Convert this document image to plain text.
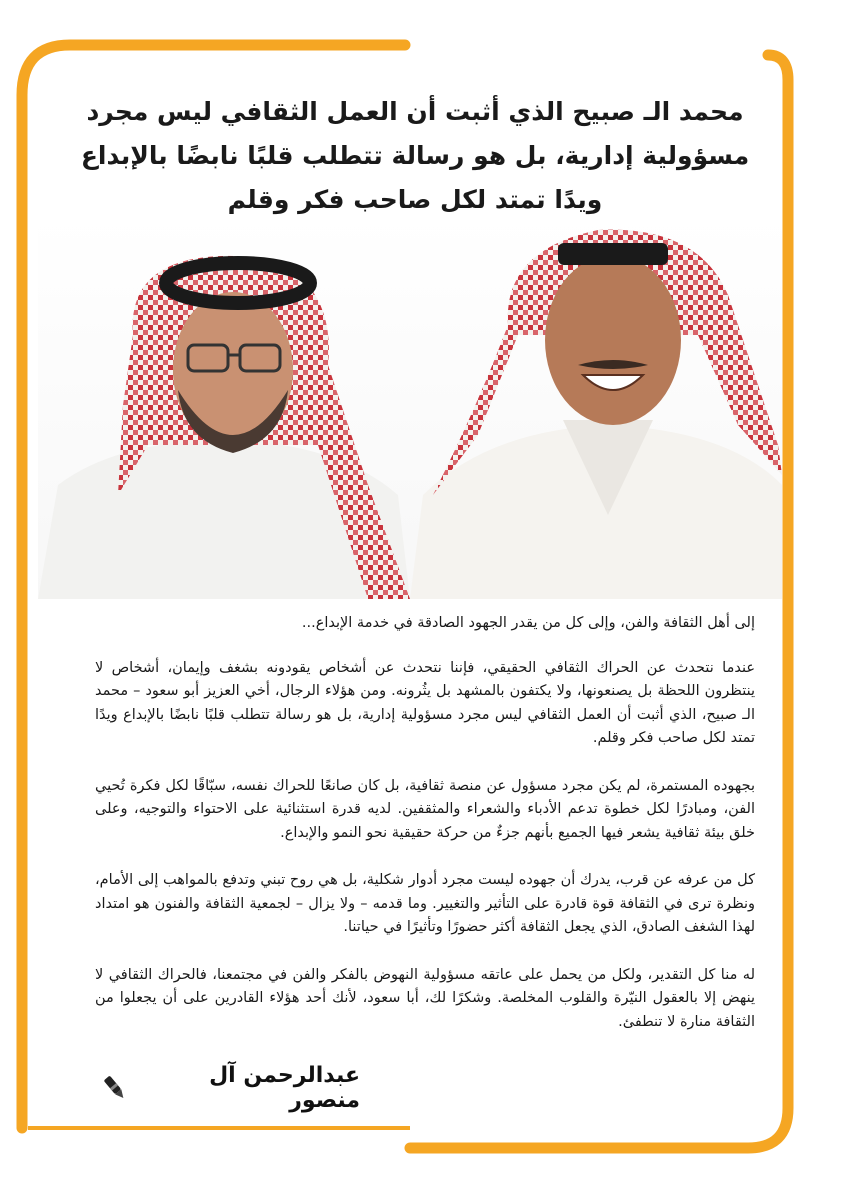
محمد الـ صبيح الذي أثبت أن العمل الثقافي ليس مجرد مسؤولية إدارية، بل هو رسالة تتطلب قلبًا نابضًا بالإبداع ويدًا تمتد لكل صاحب فكر وقلم

إلى أهل الثقافة والفن، وإلى كل من يقدر الجهود الصادقة في خدمة الإبداع...

عندما نتحدث عن الحراك الثقافي الحقيقي، فإننا نتحدث عن أشخاص يقودونه بشغف وإيمان، أشخاص لا ينتظرون اللحظة بل يصنعونها، ولا يكتفون بالمشهد بل يثُرونه. ومن هؤلاء الرجال، أخي العزيز أبو سعود – محمد الـ صبيح، الذي أثبت أن العمل الثقافي ليس مجرد مسؤولية إدارية، بل هو رسالة تتطلب قلبًا نابضًا بالإبداع ويدًا تمتد لكل صاحب فكر وقلم.

بجهوده المستمرة، لم يكن مجرد مسؤول عن منصة ثقافية، بل كان صانعًا للحراك نفسه، سبّاقًا لكل فكرة تُحيي الفن، ومبادرًا لكل خطوة تدعم الأدباء والشعراء والمثقفين. لديه قدرة استثنائية على الاحتواء والتوجيه، وعلى خلق بيئة ثقافية يشعر فيها الجميع بأنهم جزءٌ من حركة حقيقية نحو النمو والإبداع.

كل من عرفه عن قرب، يدرك أن جهوده ليست مجرد أدوار شكلية، بل هي روح تبني وتدفع بالمواهب إلى الأمام، ونظرة ترى في الثقافة قوة قادرة على التأثير والتغيير. وما قدمه – ولا يزال – لجمعية الثقافة والفنون هو امتداد لهذا الشغف الصادق، الذي يجعل الثقافة أكثر حضورًا وتأثيرًا في حياتنا.

له منا كل التقدير، ولكل من يحمل على عاتقه مسؤولية النهوض بالفكر والفن في مجتمعنا، فالحراك الثقافي لا ينهض إلا بالعقول النيّرة والقلوب المخلصة. وشكرًا لك، أبا سعود، لأنك أحد هؤلاء القادرين على أن يجعلوا من الثقافة منارة لا تنطفئ.

عبدالرحمن آل منصور
